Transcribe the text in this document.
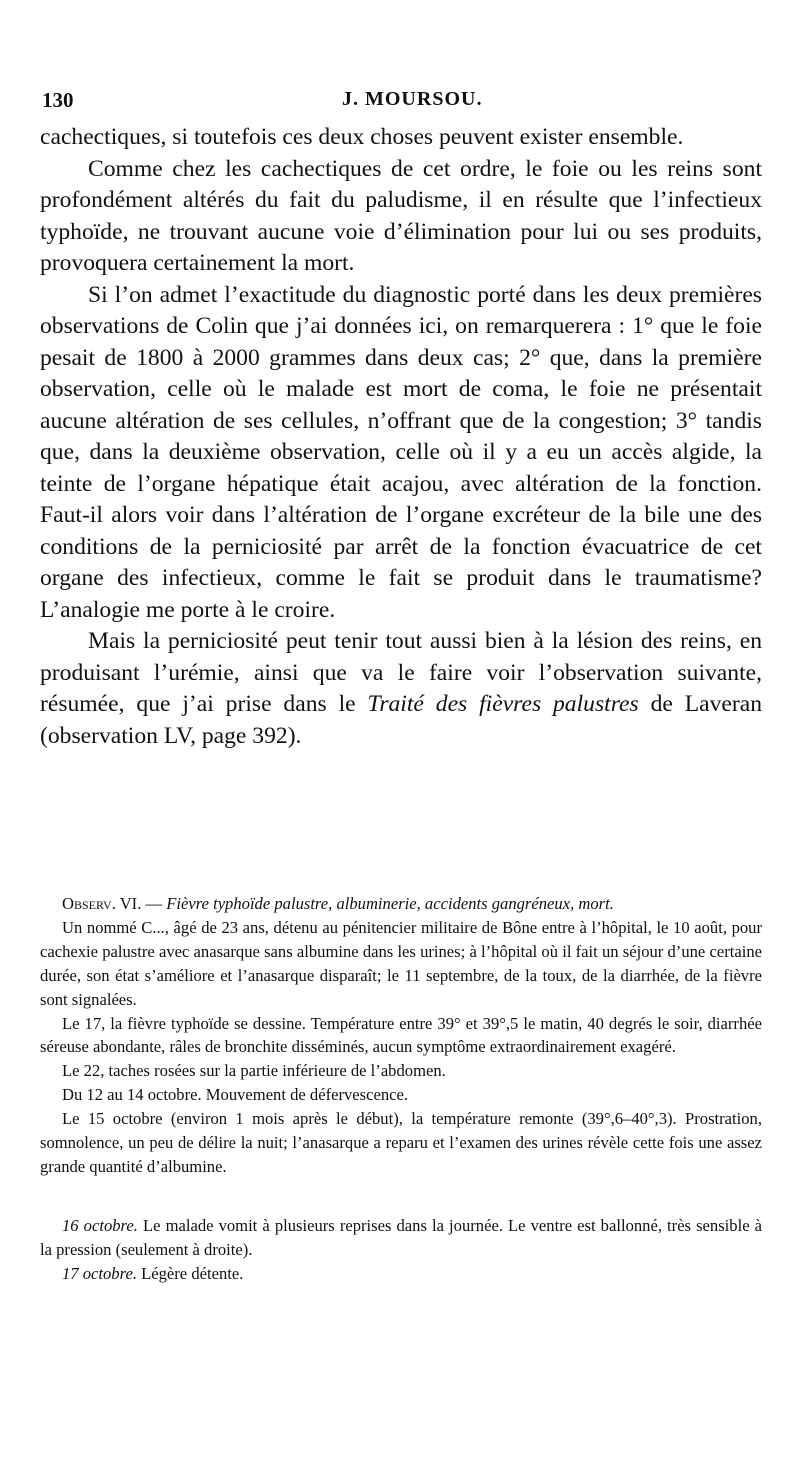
130	J. MOURSOU.

cachectiques, si toutefois ces deux choses peuvent exister ensemble.

Comme chez les cachectiques de cet ordre, le foie ou les reins sont profondément altérés du fait du paludisme, il en résulte que l’infectieux typhoïde, ne trouvant aucune voie d’élimination pour lui ou ses produits, provoquera certainement la mort.

Si l’on admet l’exactitude du diagnostic porté dans les deux premières observations de Colin que j’ai données ici, on remarquerera : 1° que le foie pesait de 1800 à 2000 grammes dans deux cas; 2° que, dans la première observation, celle où le malade est mort de coma, le foie ne présentait aucune altération de ses cellules, n’offrant que de la congestion; 3° tandis que, dans la deuxième observation, celle où il y a eu un accès algide, la teinte de l’organe hépatique était acajou, avec altération de la fonction. Faut-il alors voir dans l’altération de l’organe excréteur de la bile une des conditions de la perniciosité par arrêt de la fonction évacuatrice de cet organe des infectieux, comme le fait se produit dans le traumatisme? L’analogie me porte à le croire.

Mais la perniciosité peut tenir tout aussi bien à la lésion des reins, en produisant l’urémie, ainsi que va le faire voir l’observation suivante, résumée, que j’ai prise dans le Traité des fièvres palustres de Laveran (observation LV, page 392).

Observ. VI. — Fièvre typhoïde palustre, albuminerie, accidents gangréneux, mort.

Un nommé C..., âgé de 23 ans, détenu au pénitencier militaire de Bône entre à l’hôpital, le 10 août, pour cachexie palustre avec anasarque sans albumine dans les urines; à l’hôpital où il fait un séjour d’une certaine durée, son état s’améliore et l’anasarque disparaît; le 11 septembre, de la toux, de la diarrhée, de la fièvre sont signalées.

Le 17, la fièvre typhoïde se dessine. Température entre 39° et 39°,5 le matin, 40 degrés le soir, diarrhée séreuse abondante, râles de bronchite disséminés, aucun symptôme extraordinairement exagéré.

Le 22, taches rosées sur la partie inférieure de l’abdomen.

Du 12 au 14 octobre. Mouvement de défervescence.

Le 15 octobre (environ 1 mois après le début), la température remonte (39°,6–40°,3). Prostration, somnolence, un peu de délire la nuit; l’anasarque a reparu et l’examen des urines révèle cette fois une assez grande quantité d’albumine.

16 octobre. Le malade vomit à plusieurs reprises dans la journée. Le ventre est ballonné, très sensible à la pression (seulement à droite).

17 octobre. Légère détente.
